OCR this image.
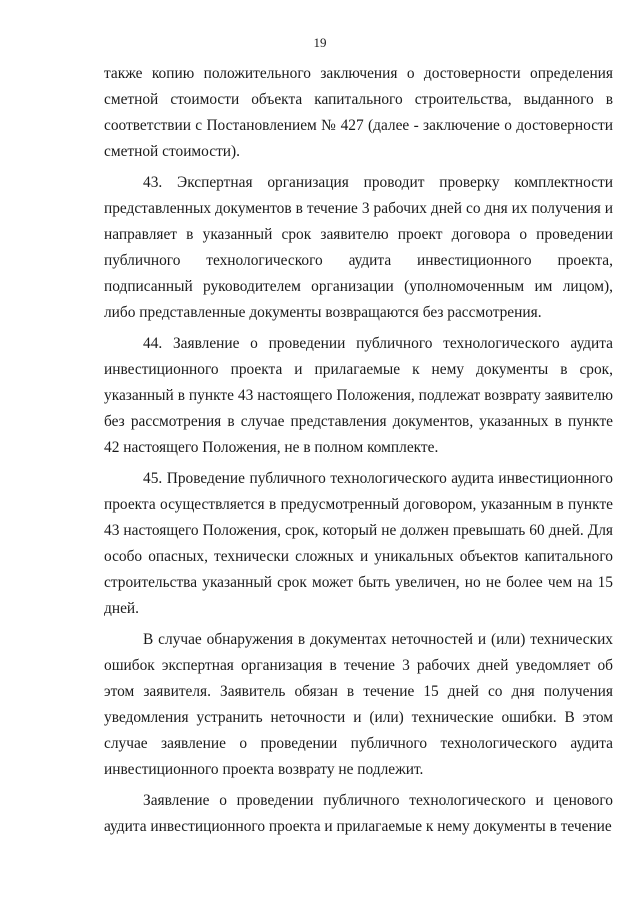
19

также копию положительного заключения о достоверности определения сметной стоимости объекта капитального строительства, выданного в соответствии с Постановлением № 427 (далее - заключение о достоверности сметной стоимости).

43. Экспертная организация проводит проверку комплектности представленных документов в течение 3 рабочих дней со дня их получения и направляет в указанный срок заявителю проект договора о проведении публичного технологического аудита инвестиционного проекта, подписанный руководителем организации (уполномоченным им лицом), либо представленные документы возвращаются без рассмотрения.

44. Заявление о проведении публичного технологического аудита инвестиционного проекта и прилагаемые к нему документы в срок, указанный в пункте 43 настоящего Положения, подлежат возврату заявителю без рассмотрения в случае представления документов, указанных в пункте 42 настоящего Положения, не в полном комплекте.

45. Проведение публичного технологического аудита инвестиционного проекта осуществляется в предусмотренный договором, указанным в пункте 43 настоящего Положения, срок, который не должен превышать 60 дней. Для особо опасных, технически сложных и уникальных объектов капитального строительства указанный срок может быть увеличен, но не более чем на 15 дней.

В случае обнаружения в документах неточностей и (или) технических ошибок экспертная организация в течение 3 рабочих дней уведомляет об этом заявителя. Заявитель обязан в течение 15 дней со дня получения уведомления устранить неточности и (или) технические ошибки. В этом случае заявление о проведении публичного технологического аудита инвестиционного проекта возврату не подлежит.

Заявление о проведении публичного технологического и ценового аудита инвестиционного проекта и прилагаемые к нему документы в течение
